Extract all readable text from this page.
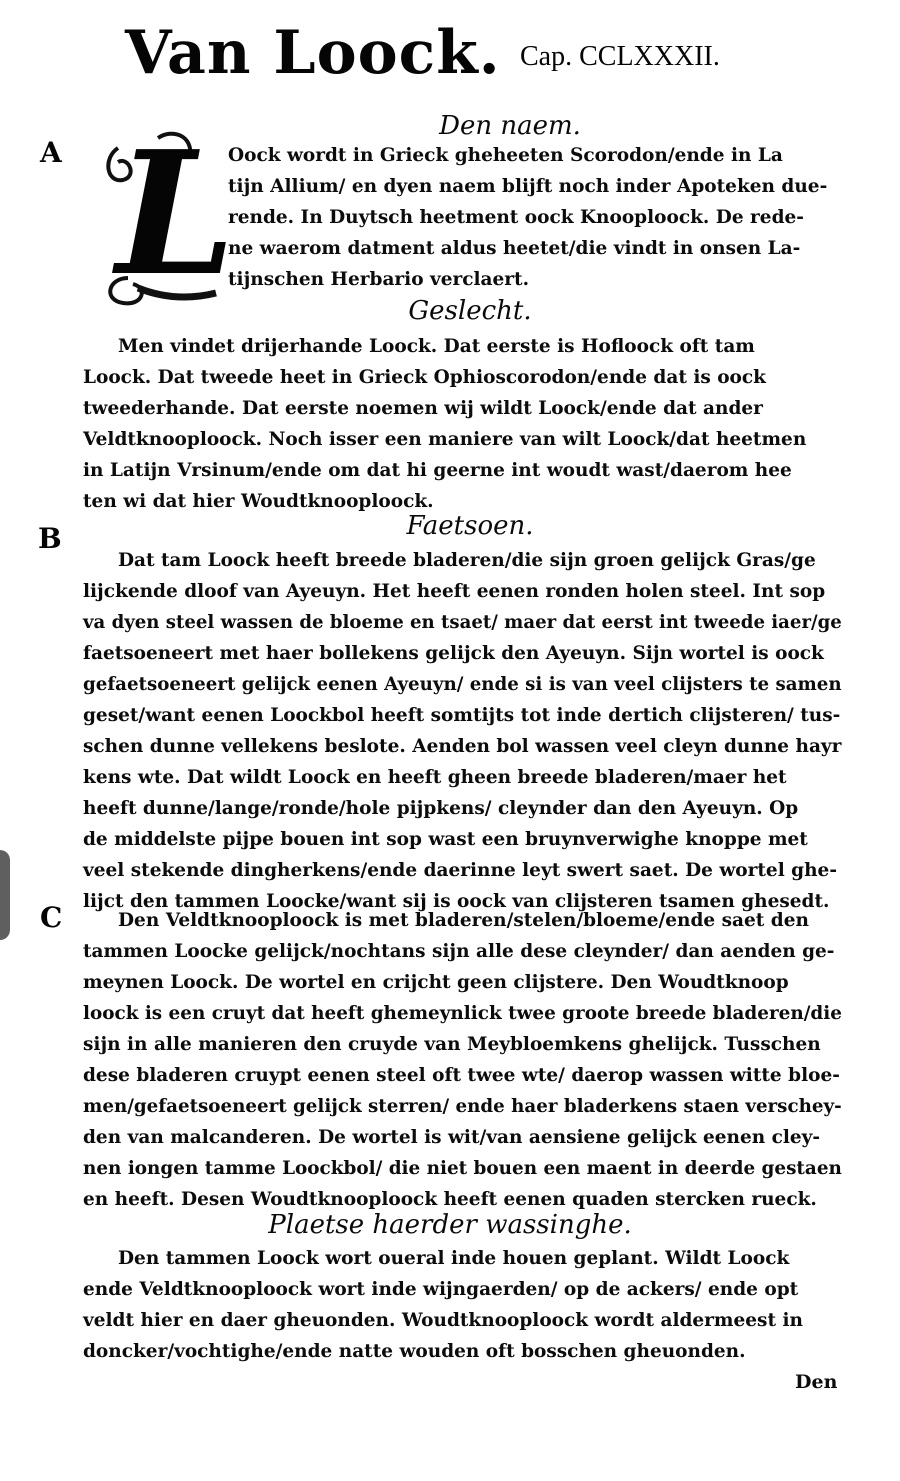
Van Loock. Cap. CCLXXXII.
Den naem.
A L
Oock wordt in Grieck gheheeten Scorodon/ende in La
tijn Allium/ en dyen naem blijft noch inder Apoteken due-
rende. In Duytsch heetment oock Knooploock. De rede-
ne waerom datment aldus heetet/die vindt in onsen La-
tijnschen Herbario verclaert.
Geslecht.
Men vindet drijerhande Loock. Dat eerste is Hofloock oft tam
Loock. Dat tweede heet in Grieck Ophioscorodon/ende dat is oock
tweederhande. Dat eerste noemen wij wildt Loock/ende dat ander
Veldtknooploock. Noch isser een maniere van wilt Loock/dat heetmen
in Latijn Vrsinum/ende om dat hi geerne int woudt wast/daerom hee
ten wi dat hier Woudtknooploock.
Faetsoen.
B
Dat tam Loock heeft breede bladeren/die sijn groen gelijck Gras/ge
lijckende dloof van Ayeuyn. Het heeft eenen ronden holen steel. Int sop
va dyen steel wassen de bloeme en tsaet/ maer dat eerst int tweede iaer/ge
faetsoeneert met haer bollekens gelijck den Ayeuyn. Sijn wortel is oock
gefaetsoeneert gelijck eenen Ayeuyn/ ende si is van veel clijsters te samen
geset/want eenen Loockbol heeft somtijts tot inde dertich clijsteren/ tus-
schen dunne vellekens beslote. Aenden bol wassen veel cleyn dunne hayr
kens wte. Dat wildt Loock en heeft gheen breede bladeren/maer het
heeft dunne/lange/ronde/hole pijpkens/ cleynder dan den Ayeuyn. Op
de middelste pijpe bouen int sop wast een bruynverwighe knoppe met
veel stekende dingherkens/ende daerinne leyt swert saet. De wortel ghe-
lijct den tammen Loocke/want sij is oock van clijsteren tsamen ghesedt.
C	Den Veldtknooploock is met bladeren/stelen/bloeme/ende saet den
tammen Loocke gelijck/nochtans sijn alle dese cleynder/ dan aenden ge-
meynen Loock. De wortel en crijcht geen clijstere. Den Woudtknoop
loock is een cruyt dat heeft ghemeynlick twee groote breede bladeren/die
sijn in alle manieren den cruyde van Meybloemkens ghelijck. Tusschen
dese bladeren cruypt eenen steel oft twee wte/ daerop wassen witte bloe-
men/gefaetsoeneert gelijck sterren/ ende haer bladerkens staen verschey-
den van malcanderen. De wortel is wit/van aensiene gelijck eenen cley-
nen iongen tamme Loockbol/ die niet bouen een maent in deerde gestaen
en heeft. Desen Woudtknooploock heeft eenen quaden stercken rueck.
Plaetse haerder wassinghe.
Den tammen Loock wort oueral inde houen geplant. Wildt Loock
ende Veldtknooploock wort inde wijngaerden/ op de ackers/ ende opt
veldt hier en daer gheuonden. Woudtknooploock wordt aldermeest in
doncker/vochtighe/ende natte wouden oft bosschen gheuonden.
Den
